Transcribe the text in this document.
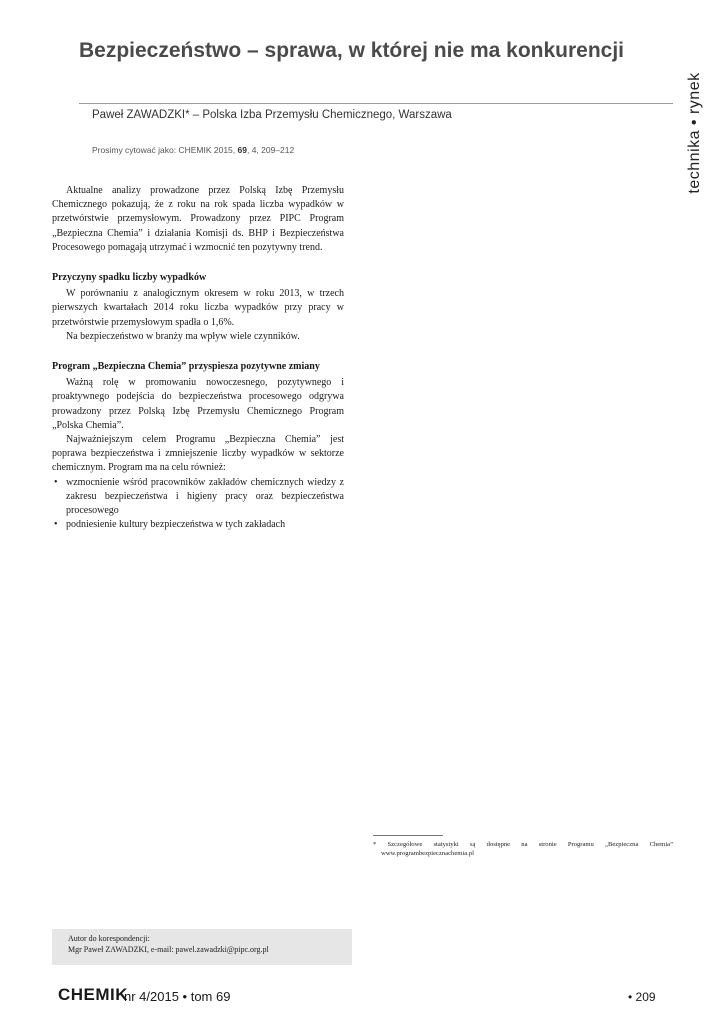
Bezpieczeństwo – sprawa, w której nie ma konkurencji
Paweł ZAWADZKI* – Polska Izba Przemysłu Chemicznego, Warszawa
Prosimy cytować jako: CHEMIK 2015, 69, 4, 209–212	technika • rynek

Aktualne analizy prowadzone przez Polską Izbę Przemysłu Chemicznego pokazują, że z roku na rok spada liczba wypadków w przetwórstwie przemysłowym. Prowadzony przez PIPC Program „Bezpieczna Chemia” i działania Komisji ds. BHP i Bezpieczeństwa Procesowego pomagają utrzymać i wzmocnić ten pozytywny trend.

Przyczyny spadku liczby wypadków

W porównaniu z analogicznym okresem w roku 2013, w trzech pierwszych kwartałach 2014 roku liczba wypadków przy pracy w przetwórstwie przemysłowym spadła o 1,6%.

Na bezpieczeństwo w branży ma wpływ wiele czynników.

Program „Bezpieczna Chemia” przyspiesza pozytywne zmiany

Ważną rolę w promowaniu nowoczesnego, pozytywnego i proaktywnego podejścia do bezpieczeństwa procesowego odgrywa prowadzony przez Polską Izbę Przemysłu Chemicznego Program „Polska Chemia”.

Najważniejszym celem Programu „Bezpieczna Chemia” jest poprawa bezpieczeństwa i zmniejszenie liczby wypadków w sektorze chemicznym. Program ma na celu również:

• wzmocnienie wśród pracowników zakładów chemicznych wiedzy z zakresu bezpieczeństwa i higieny pracy oraz bezpieczeństwa procesowego
• podniesienie kultury bezpieczeństwa w tych zakładach

* Szczegółowe statystyki są dostępne na stronie Programu „Bezpieczna Chemia” www.programbezpiecznachemia.pl

Autor do korespondencji:
Mgr Paweł ZAWADZKI, e-mail: pawel.zawadzki@pipc.org.pl
CHEMIK
nr 4/2015 • tom 69	• 209
